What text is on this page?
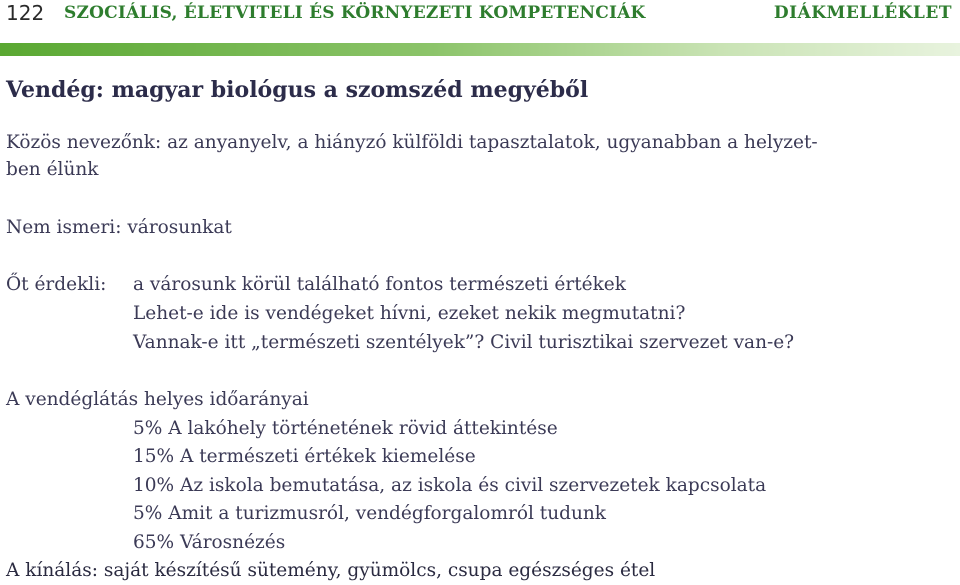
122 SZOCIÁLIS, ÉLETVITELI ÉS KÖRNYEZETI KOMPETENCIÁK	DIÁKMELLÉKLET
Vendég: magyar biológus a szomszéd megyéből
Közös nevezőnk: az anyanyelv, a hiányzó külföldi tapasztalatok, ugyanabban a helyzet-
ben élünk
Nem ismeri: városunkat
Őt érdekli: a városunk körül található fontos természeti értékek
Lehet-e ide is vendégeket hívni, ezeket nekik megmutatni?
Vannak-e itt „természeti szentélyek”? Civil turisztikai szervezet van-e?
A vendéglátás helyes időarányai
5% A lakóhely történetének rövid áttekintése
15% A természeti értékek kiemelése
10% Az iskola bemutatása, az iskola és civil szervezetek kapcsolata
5% Amit a turizmusról, vendégforgalomról tudunk
65% Városnézés
A kínálás: saját készítésű sütemény, gyümölcs, csupa egészséges étel
